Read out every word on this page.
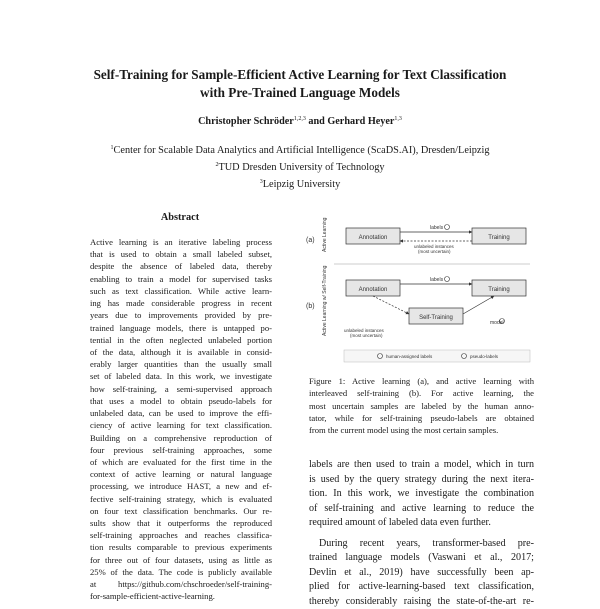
Self-Training for Sample-Efficient Active Learning for Text Classification
with Pre-Trained Language Models
Christopher Schröder$^{1,2,3}$ and Gerhard Heyer$^{1,3}$
$^1$Center for Scalable Data Analytics and Artificial Intelligence (ScaDS.AI), Dresden/Leipzig
$^2$TUD Dresden University of Technology
$^3$Leipzig University
Abstract
Active learning is an iterative labeling process
that is used to obtain a small labeled subset,
despite the absence of labeled data, thereby
enabling to train a model for supervised tasks
such as text classification. While active learn-
ing has made considerable progress in recent
years due to improvements provided by pre-
trained language models, there is untapped po-
tential in the often neglected unlabeled portion
of the data, although it is available in consid-
erably larger quantities than the usually small
set of labeled data. In this work, we investigate
how self-training, a semi-supervised approach
that uses a model to obtain pseudo-labels for
unlabeled data, can be used to improve the effi-
ciency of active learning for text classification.
Building on a comprehensive reproduction of
four previous self-training approaches, some
of which are evaluated for the first time in the
context of active learning or natural language
processing, we introduce HAST, a new and ef-
fective self-training strategy, which is evaluated
on four text classification benchmarks. Our re-
sults show that it outperforms the reproduced
self-training approaches and reaches classifica-
tion results comparable to previous experiments
for three out of four datasets, using as little as
25% of the data. The code is publicly available
at https://github.com/chschroeder/self-training-
for-sample-efficient-active-learning.
(a) Active Learning	Annotation	Training
labels
unlabeled instances
(most uncertain)
(b) Active Learning w/ Self-Training	Annotation	Training
Self-Training
labels
unlabeled instances
(most uncertain)
model
human-assigned labels	pseudo-labels
Figure 1: Active learning (a), and active learning with
interleaved self-training (b). For active learning, the
most uncertain samples are labeled by the human anno-
tator, while for self-training pseudo-labels are obtained
from the current model using the most certain samples.
labels are then used to train a model, which in turn
is used by the query strategy during the next itera-
tion. In this work, we investigate the combination
of self-training and active learning to reduce the
required amount of labeled data even further.
During recent years, transformer-based pre-
trained language models (Vaswani et al., 2017;
Devlin et al., 2019) have successfully been ap-
plied for active-learning-based text classification,
thereby considerably raising the state-of-the-art re-
